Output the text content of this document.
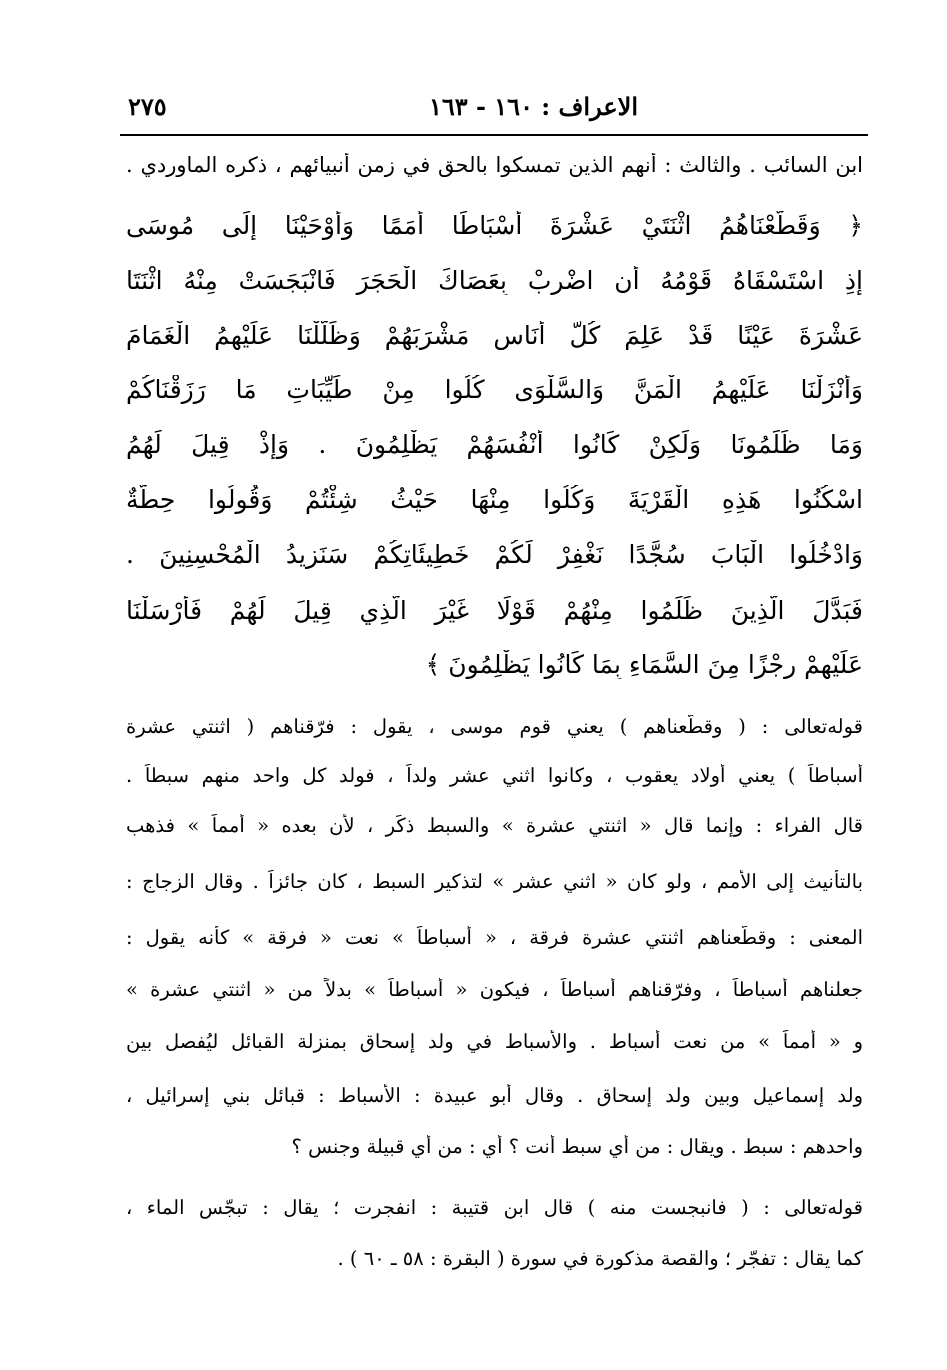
الاعراف : ١٦٠ - ١٦٣
٢٧٥
ابن السائب . والثالث : أنهم الذين تمسكوا بالحق في زمن أنبيائهم ، ذكره الماوردي .
﴿ وَقَطَّعْنَاهُمُ اثْنَتَيْ عَشْرَةَ أَسْبَاطًا أُمَمًا وَأَوْحَيْنَا إِلَى مُوسَى
إِذِ اسْتَسْقَاهُ قَوْمُهُ أَنِ اضْرِبْ بِعَصَاكَ الْحَجَرَ فَانْبَجَسَتْ مِنْهُ اثْنَتَا
عَشْرَةَ عَيْنًا قَدْ عَلِمَ كُلُّ أُنَاسٍ مَشْرَبَهُمْ وَظَلَّلْنَا عَلَيْهِمُ الْغَمَامَ
وَأَنْزَلْنَا عَلَيْهِمُ الْمَنَّ وَالسَّلْوَى كُلُوا مِنْ طَيِّبَاتِ مَا رَزَقْنَاكُمْ
وَمَا ظَلَمُونَا وَلَكِنْ كَانُوا أَنْفُسَهُمْ يَظْلِمُونَ . وَإِذْ قِيلَ لَهُمُ
اسْكُنُوا هَذِهِ الْقَرْيَةَ وَكُلُوا مِنْهَا حَيْثُ شِئْتُمْ وَقُولُوا حِطَّةٌ
وَادْخُلُوا الْبَابَ سُجَّدًا نَغْفِرْ لَكُمْ خَطِيئَاتِكُمْ سَنَزِيدُ الْمُحْسِنِينَ .
فَبَدَّلَ الَّذِينَ ظَلَمُوا مِنْهُمْ قَوْلًا غَيْرَ الَّذِي قِيلَ لَهُمْ فَأَرْسَلْنَا
عَلَيْهِمْ رِجْزًا مِنَ السَّمَاءِ بِمَا كَانُوا يَظْلِمُونَ ﴾
قوله‌تعالى : ( وقطّعناهم ) يعني قوم موسى ، يقول : فرّقناهم ( اثنتي عشرة
أسباطاً ) يعني أولاد يعقوب ، وكانوا اثني عشر ولداً ، فولد كل واحد منهم سبطاً .
قال الفراء : وإنما قال « اثنتي عشرة » والسبط ذكَر ، لأن بعده « أُمماً » فذهب
بالتأنيث إلى الأمم ، ولو كان « اثني عشر » لتذكير السبط ، كان جائزاً . وقال الزجاج :
المعنى : وقطّعناهم اثنتي عشرة فرقة ، « أسباطاً » نعت « فرقة » كأنه يقول :
جعلناهم أسباطاً ، وفرّقناهم أسباطاً ، فيكون « أسباطاً » بدلاً من « اثنتي عشرة »
و « أُمماً » من نعت أسباط . والأسباط في ولد إسحاق بمنزلة القبائل ليُفصل بين
ولد إسماعيل وبين ولد إسحاق . وقال أبو عبيدة : الأسباط : قبائل بني إسرائيل ،
واحدهم : سبط . ويقال : من أي سبط أنت ؟ أي : من أي قبيلة وجنس ؟
قوله‌تعالى : ( فانبجست منه ) قال ابن قتيبة : انفجرت ؛ يقال : تبجّس الماء ،
كما يقال : تفجّر ؛ والقصة مذكورة في سورة ( البقرة : ٥٨ ـ ٦٠ ) .
